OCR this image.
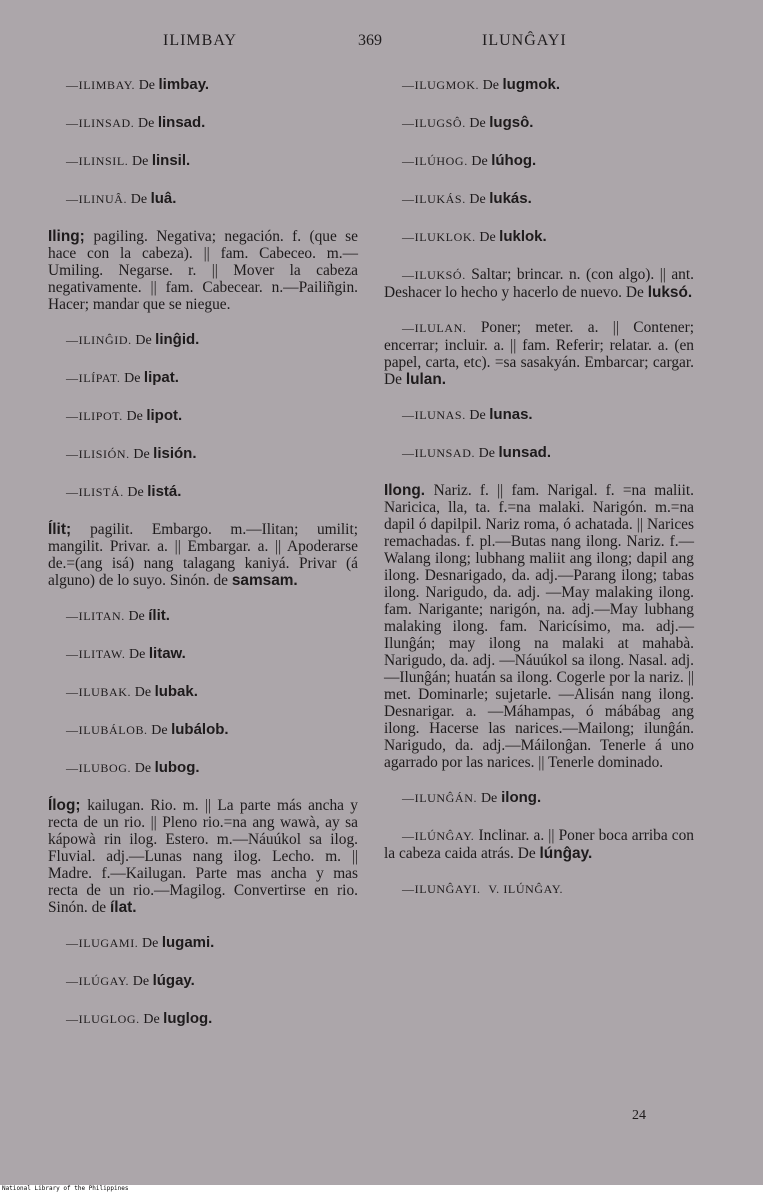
ILIMBAY	369	ILUNĜAYI
—ILIMBAY. De limbay.
—ILINSAD. De linsad.
—ILINSIL. De linsil.
—ILINUÂ. De luâ.
Iling; pagiling. Negativa; negación. f. (que se hace con la cabeza). || fam. Cabeceo. m.—Umiling. Negarse. r. || Mover la cabeza negativamente. || fam. Cabecear. n.—Pailiñgin. Hacer; mandar que se niegue.
—ILINĜID. De linĝid.
—ILÍPAT. De lipat.
—ILIPOT. De lipot.
—ILISIÓN. De lisión.
—ILISTÁ. De listá.
Ílit; pagilit. Embargo. m.—Ilitan; umilit; mangilit. Privar. a. || Embargar. a. || Apoderarse de.=(ang isá) nang talagang kaniyá. Privar (á alguno) de lo suyo. Sinón. de samsam.
—ILITAN. De ílit.
—ILITAW. De litaw.
—ILUBAK. De lubak.
—ILUBÁLOB. De lubálob.
—ILUBOG. De lubog.
Ílog; kailugan. Rio. m. || La parte más ancha y recta de un rio. || Pleno rio.=na ang wawà, ay sa kápowà rin ilog. Estero. m.—Náuúkol sa ilog. Fluvial. adj.—Lunas nang ilog. Lecho. m. || Madre. f.—Kailugan. Parte mas ancha y mas recta de un rio.—Magilog. Convertirse en rio. Sinón. de ílat.
—ILUGAMI. De lugami.
—ILÚGAY. De lúgay.
—ILUGLOG. De luglog.
—ILUGMOK. De lugmok.
—ILUGSÔ. De lugsô.
—ILÚHOG. De lúhog.
—ILUKÁS. De lukás.
—ILUKLOK. De luklok.
—ILUKSÓ. Saltar; brincar. n. (con algo). || ant. Deshacer lo hecho y hacerlo de nuevo. De luksó.
—ILULAN. Poner; meter. a. || Contener; encerrar; incluir. a. || fam. Referir; relatar. a. (en papel, carta, etc). =sa sasakyán. Embarcar; cargar. De lulan.
—ILUNAS. De lunas.
—ILUNSAD. De lunsad.
Ilong. Nariz. f. || fam. Narigal. f. =na maliit. Naricica, lla, ta. f.=na malaki. Narigón. m.=na dapil ó dapilpil. Nariz roma, ó achatada. || Narices remachadas. f. pl.—Butas nang ilong. Nariz. f.—Walang ilong; lubhang maliit ang ilong; dapil ang ilong. Desnarigado, da. adj.—Parang ilong; tabas ilong. Narigudo, da. adj. —May malaking ilong. fam. Narigante; narigón, na. adj.—May lubhang malaking ilong. fam. Naricísimo, ma. adj.—Ilunĝán; may ilong na malaki at mahabà. Narigudo, da. adj. —Náuúkol sa ilong. Nasal. adj.—Ilunĝán; huatán sa ilong. Cogerle por la nariz. || met. Dominarle; sujetarle. —Alisán nang ilong. Desnarigar. a. —Máhampas, ó mábábag ang ilong. Hacerse las narices.—Mailong; ilunĝán. Narigudo, da. adj.—Máilonĝan. Tenerle á uno agarrado por las narices. || Tenerle dominado.
—ILUNĜÁN. De ilong.
—ILÚNĜAY. Inclinar. a. || Poner boca arriba con la cabeza caida atrás. De lúnĝay.
—ILUNĜAYI. V. ILÚNĜAY.
24
National Library of the Philippines
